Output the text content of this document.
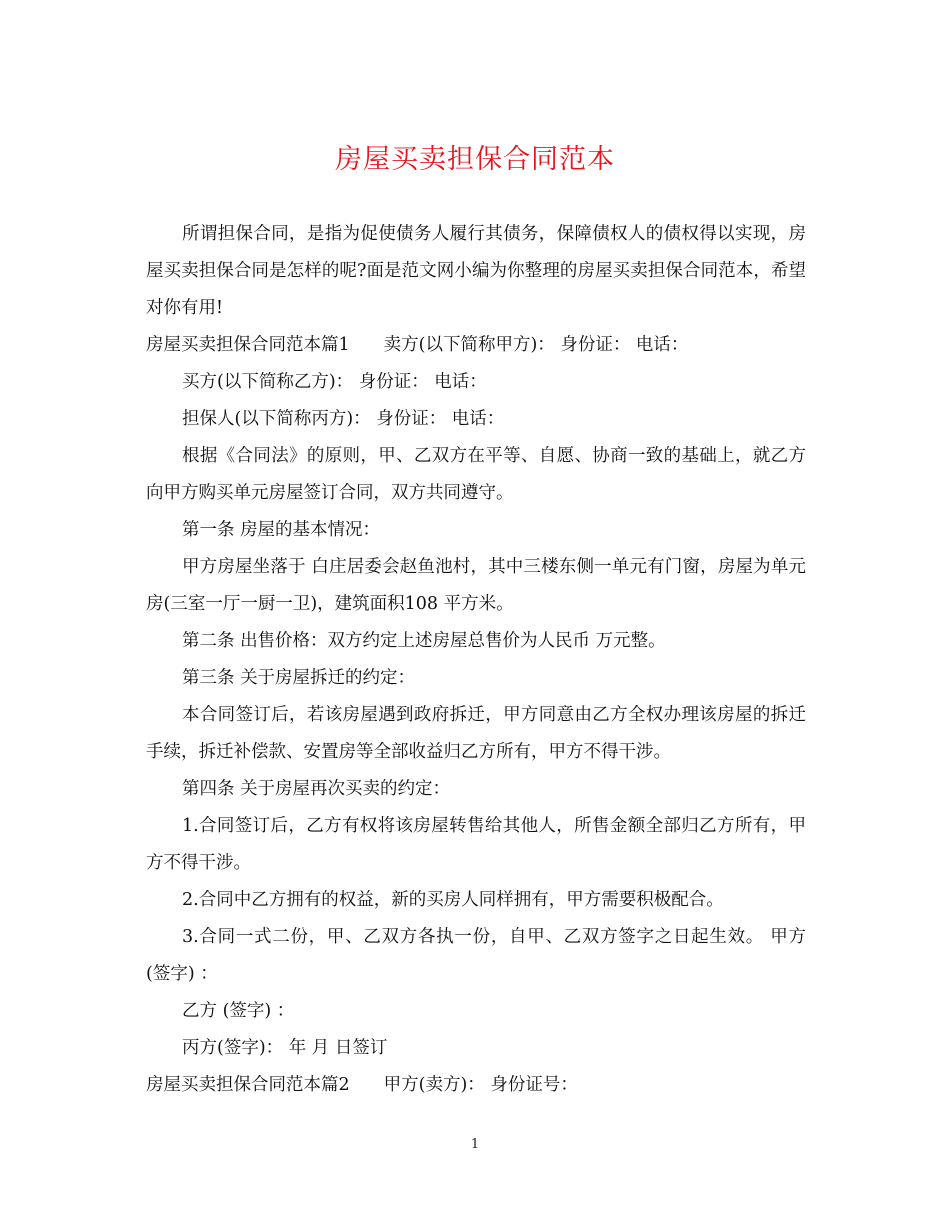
房屋买卖担保合同范本

所谓担保合同，是指为促使债务人履行其债务，保障债权人的债权得以实现，房屋买卖担保合同是怎样的呢?面是范文网小编为你整理的房屋买卖担保合同范本，希望对你有用!

房屋买卖担保合同范本篇1 卖方(以下简称甲方)： 身份证： 电话：

买方(以下简称乙方)： 身份证： 电话：

担保人(以下简称丙方)： 身份证： 电话：

根据《合同法》的原则，甲、乙双方在平等、自愿、协商一致的基础上，就乙方向甲方购买单元房屋签订合同，双方共同遵守。

第一条 房屋的基本情况：

甲方房屋坐落于 白庄居委会赵鱼池村，其中三楼东侧一单元有门窗，房屋为单元房(三室一厅一厨一卫)，建筑面积108 平方米。

第二条 出售价格：双方约定上述房屋总售价为人民币 万元整。

第三条 关于房屋拆迁的约定：

本合同签订后，若该房屋遇到政府拆迁，甲方同意由乙方全权办理该房屋的拆迁手续，拆迁补偿款、安置房等全部收益归乙方所有，甲方不得干涉。

第四条 关于房屋再次买卖的约定：

1.合同签订后，乙方有权将该房屋转售给其他人，所售金额全部归乙方所有，甲方不得干涉。

2.合同中乙方拥有的权益，新的买房人同样拥有，甲方需要积极配合。

3.合同一式二份，甲、乙双方各执一份，自甲、乙双方签字之日起生效。 甲方 (签字) ：

乙方 (签字) ：

丙方(签字)： 年 月 日签订

房屋买卖担保合同范本篇2 甲方(卖方)： 身份证号：

1
